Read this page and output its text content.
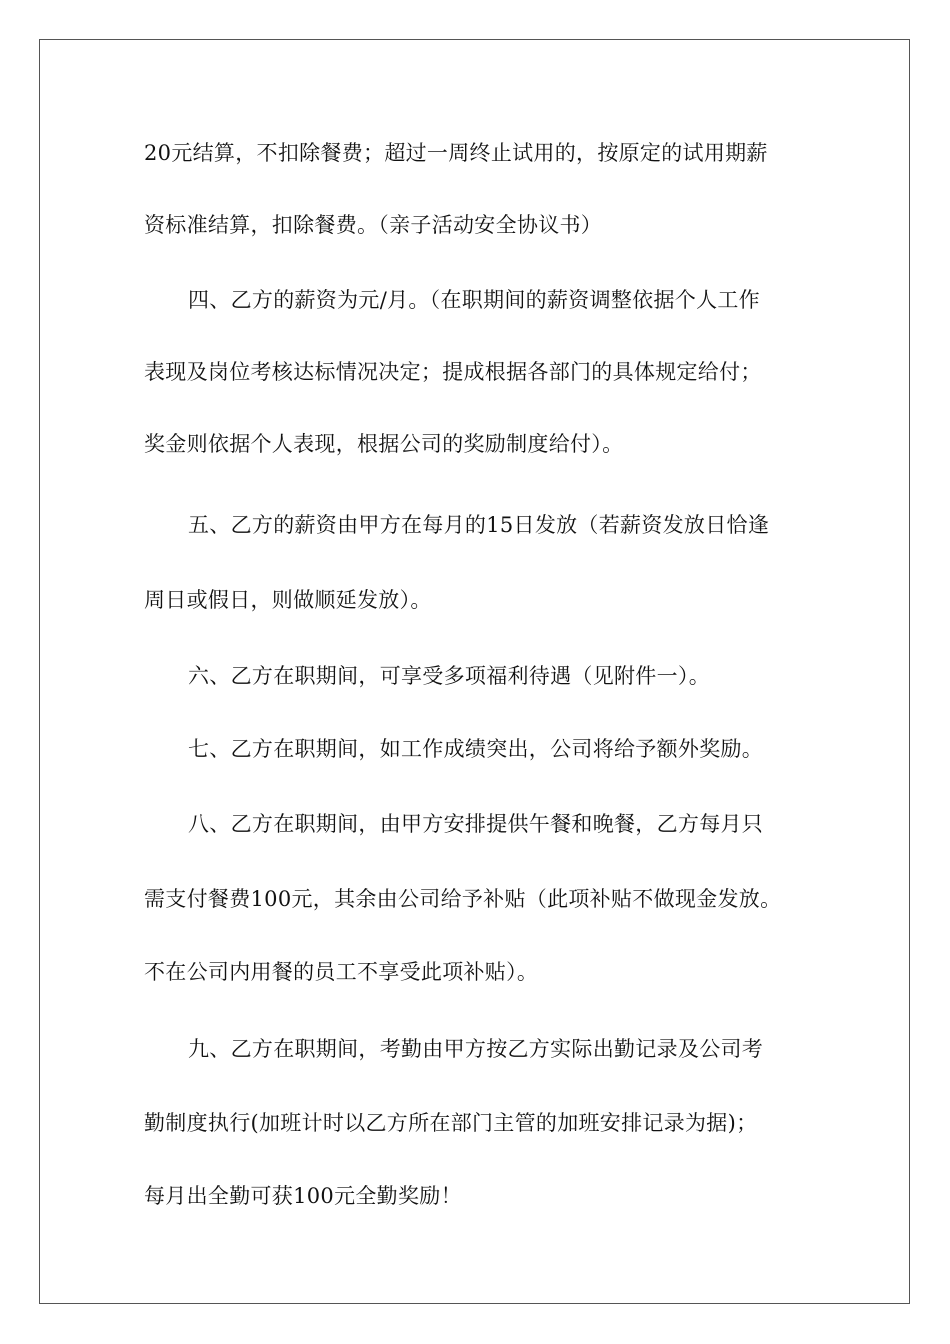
20元结算，不扣除餐费；超过一周终止试用的，按原定的试用期薪
资标准结算，扣除餐费。（亲子活动安全协议书）
四、乙方的薪资为元/月。（在职期间的薪资调整依据个人工作
表现及岗位考核达标情况决定；提成根据各部门的具体规定给付；
奖金则依据个人表现，根据公司的奖励制度给付）。
五、乙方的薪资由甲方在每月的15日发放（若薪资发放日恰逢
周日或假日，则做顺延发放）。
六、乙方在职期间，可享受多项福利待遇（见附件一）。
七、乙方在职期间，如工作成绩突出，公司将给予额外奖励。
八、乙方在职期间，由甲方安排提供午餐和晚餐，乙方每月只
需支付餐费100元，其余由公司给予补贴（此项补贴不做现金发放。
不在公司内用餐的员工不享受此项补贴）。
九、乙方在职期间，考勤由甲方按乙方实际出勤记录及公司考
勤制度执行(加班计时以乙方所在部门主管的加班安排记录为据)；
每月出全勤可获100元全勤奖励！
